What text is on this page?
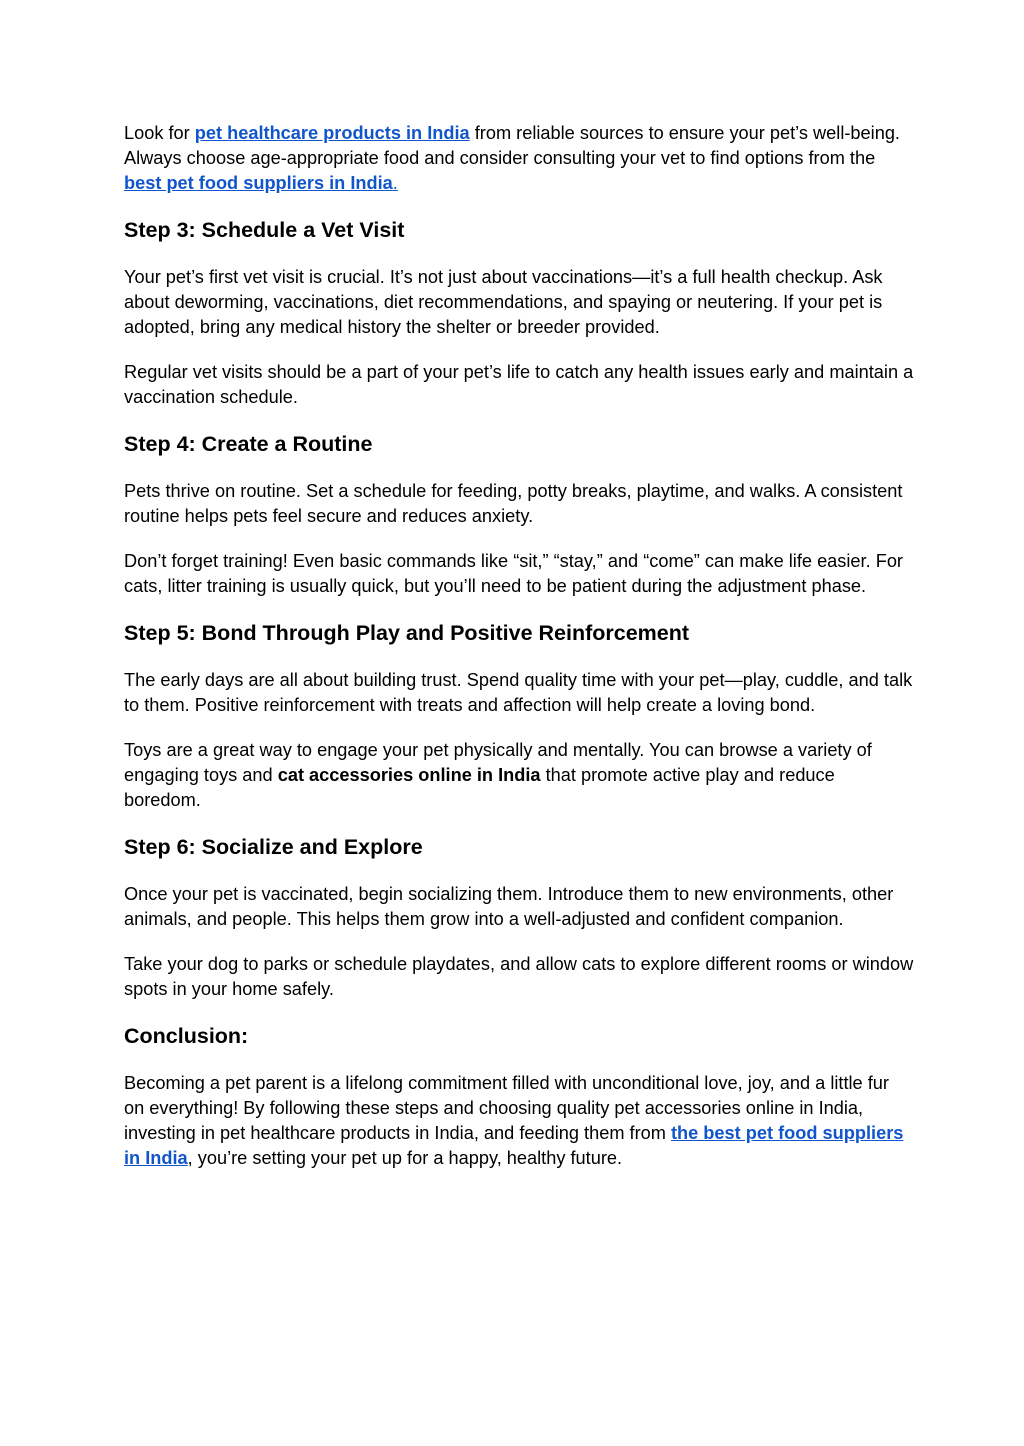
Look for pet healthcare products in India from reliable sources to ensure your pet’s well-being. Always choose age-appropriate food and consider consulting your vet to find options from the best pet food suppliers in India.

Step 3: Schedule a Vet Visit

Your pet’s first vet visit is crucial. It’s not just about vaccinations—it’s a full health checkup. Ask about deworming, vaccinations, diet recommendations, and spaying or neutering. If your pet is adopted, bring any medical history the shelter or breeder provided.

Regular vet visits should be a part of your pet’s life to catch any health issues early and maintain a vaccination schedule.

Step 4: Create a Routine

Pets thrive on routine. Set a schedule for feeding, potty breaks, playtime, and walks. A consistent routine helps pets feel secure and reduces anxiety.

Don’t forget training! Even basic commands like “sit,” “stay,” and “come” can make life easier. For cats, litter training is usually quick, but you’ll need to be patient during the adjustment phase.

Step 5: Bond Through Play and Positive Reinforcement

The early days are all about building trust. Spend quality time with your pet—play, cuddle, and talk to them. Positive reinforcement with treats and affection will help create a loving bond.

Toys are a great way to engage your pet physically and mentally. You can browse a variety of engaging toys and cat accessories online in India that promote active play and reduce boredom.

Step 6: Socialize and Explore

Once your pet is vaccinated, begin socializing them. Introduce them to new environments, other animals, and people. This helps them grow into a well-adjusted and confident companion.

Take your dog to parks or schedule playdates, and allow cats to explore different rooms or window spots in your home safely.

Conclusion:

Becoming a pet parent is a lifelong commitment filled with unconditional love, joy, and a little fur on everything! By following these steps and choosing quality pet accessories online in India, investing in pet healthcare products in India, and feeding them from the best pet food suppliers in India, you’re setting your pet up for a happy, healthy future.
